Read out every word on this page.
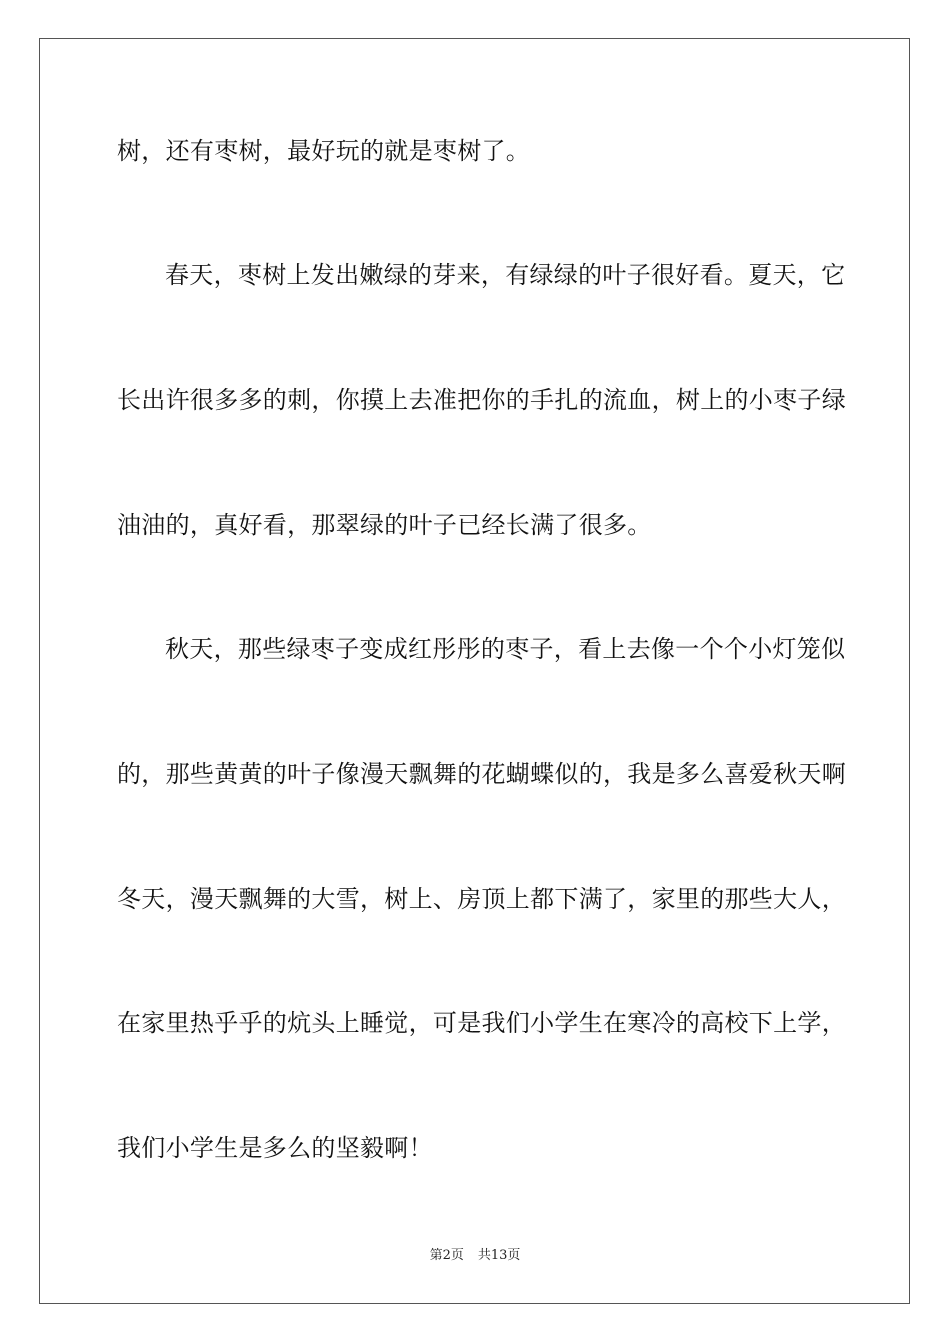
树，还有枣树，最好玩的就是枣树了。
春天，枣树上发出嫩绿的芽来，有绿绿的叶子很好看。夏天，它
长出许很多多的刺，你摸上去准把你的手扎的流血，树上的小枣子绿
油油的，真好看，那翠绿的叶子已经长满了很多。
秋天，那些绿枣子变成红彤彤的枣子，看上去像一个个小灯笼似
的，那些黄黄的叶子像漫天飘舞的花蝴蝶似的，我是多么喜爱秋天啊
冬天，漫天飘舞的大雪，树上、房顶上都下满了，家里的那些大人，
在家里热乎乎的炕头上睡觉，可是我们小学生在寒冷的高校下上学，
我们小学生是多么的坚毅啊！
第2页 共13页
